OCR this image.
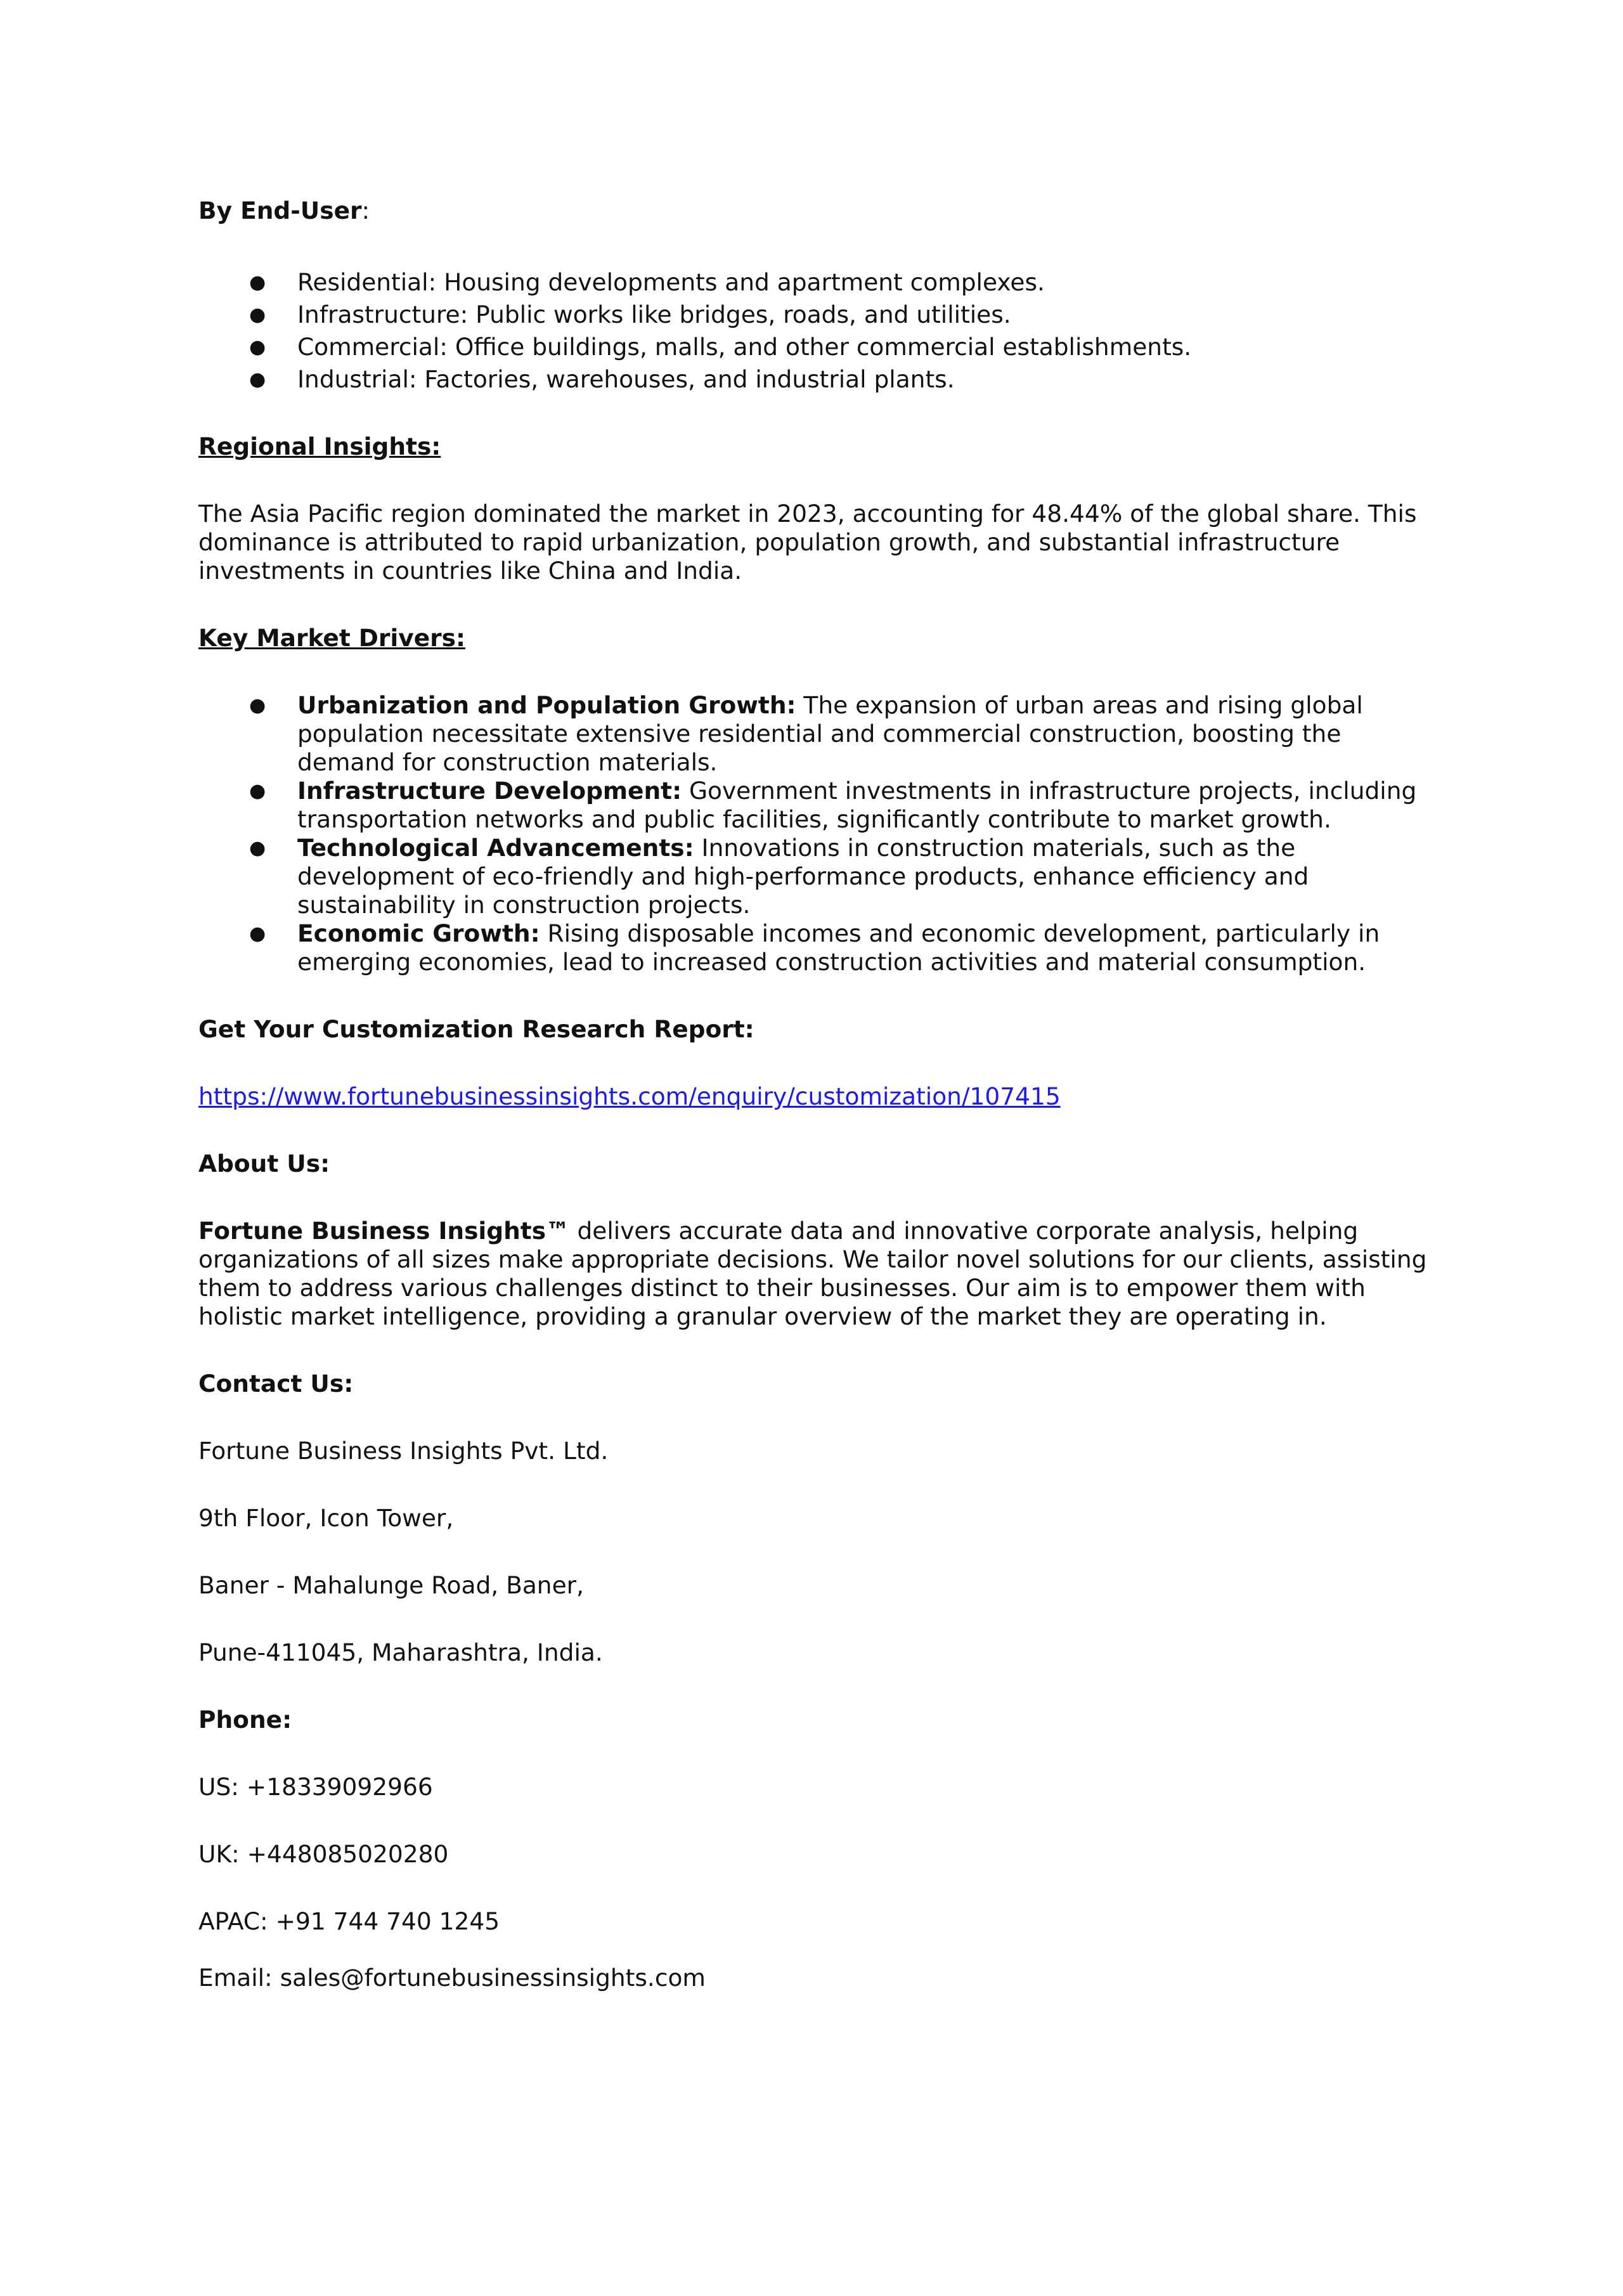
By End-User:

● Residential: Housing developments and apartment complexes.
● Infrastructure: Public works like bridges, roads, and utilities.
● Commercial: Office buildings, malls, and other commercial establishments.
● Industrial: Factories, warehouses, and industrial plants.

Regional Insights:

The Asia Pacific region dominated the market in 2023, accounting for 48.44% of the global share. This dominance is attributed to rapid urbanization, population growth, and substantial infrastructure investments in countries like China and India.

Key Market Drivers:

● Urbanization and Population Growth: The expansion of urban areas and rising global population necessitate extensive residential and commercial construction, boosting the demand for construction materials.
● Infrastructure Development: Government investments in infrastructure projects, including transportation networks and public facilities, significantly contribute to market growth.
● Technological Advancements: Innovations in construction materials, such as the development of eco-friendly and high-performance products, enhance efficiency and sustainability in construction projects.
● Economic Growth: Rising disposable incomes and economic development, particularly in emerging economies, lead to increased construction activities and material consumption.

Get Your Customization Research Report:

https://www.fortunebusinessinsights.com/enquiry/customization/107415

About Us:

Fortune Business Insights™ delivers accurate data and innovative corporate analysis, helping organizations of all sizes make appropriate decisions. We tailor novel solutions for our clients, assisting them to address various challenges distinct to their businesses. Our aim is to empower them with holistic market intelligence, providing a granular overview of the market they are operating in.

Contact Us:

Fortune Business Insights Pvt. Ltd.

9th Floor, Icon Tower,

Baner - Mahalunge Road, Baner,

Pune-411045, Maharashtra, India.

Phone:

US: +18339092966

UK: +448085020280

APAC: +91 744 740 1245

Email: sales@fortunebusinessinsights.com
